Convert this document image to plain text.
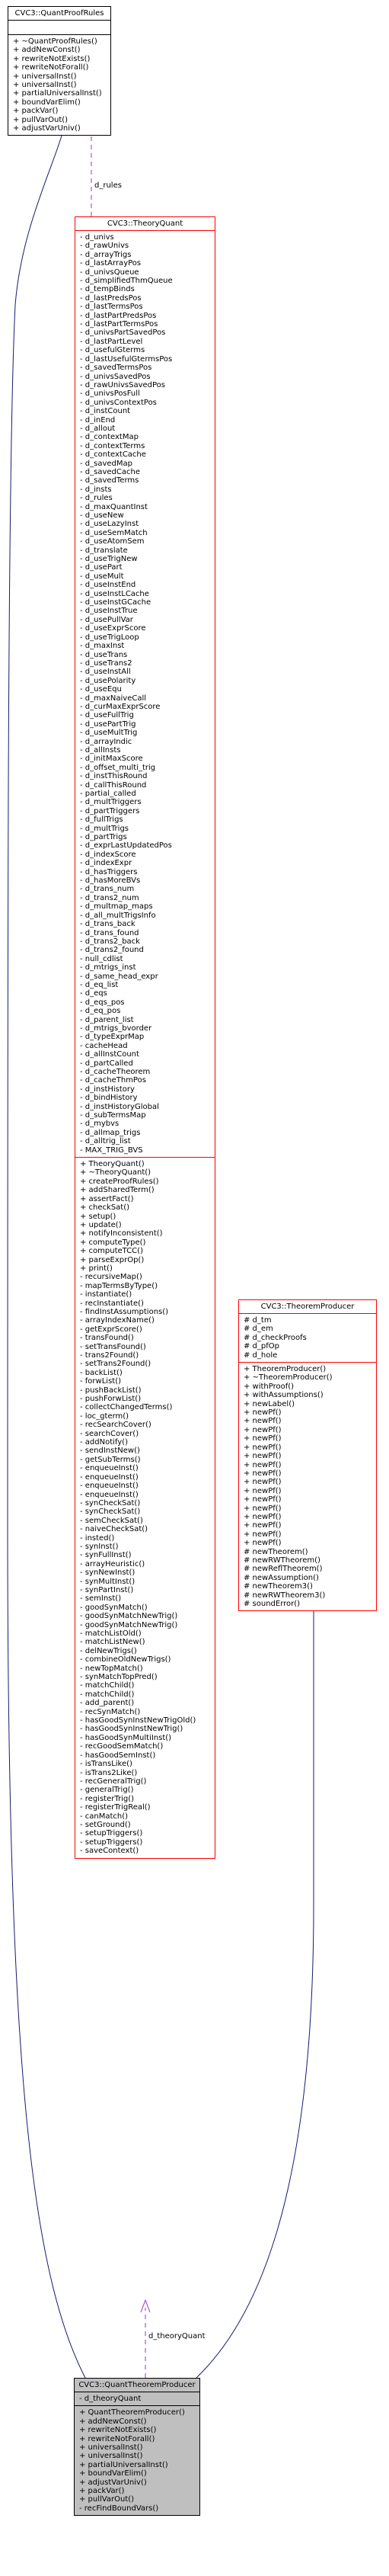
d_rules
d_theoryQuant
CVC3::QuantProofRules
+ ~QuantProofRules()
+ addNewConst()
+ rewriteNotExists()
+ rewriteNotForall()
+ universalInst()
+ universalInst()
+ partialUniversalInst()
+ boundVarElim()
+ packVar()
+ pullVarOut()
+ adjustVarUniv()
CVC3::TheoryQuant
- d_univs
- d_rawUnivs
- d_arrayTrigs
- d_lastArrayPos
- d_univsQueue
- d_simplifiedThmQueue
- d_tempBinds
- d_lastPredsPos
- d_lastTermsPos
- d_lastPartPredsPos
- d_lastPartTermsPos
- d_univsPartSavedPos
- d_lastPartLevel
- d_usefulGterms
- d_lastUsefulGtermsPos
- d_savedTermsPos
- d_univsSavedPos
- d_rawUnivsSavedPos
- d_univsPosFull
- d_univsContextPos
- d_instCount
- d_inEnd
- d_allout
- d_contextMap
- d_contextTerms
- d_contextCache
- d_savedMap
- d_savedCache
- d_savedTerms
- d_insts
- d_rules
- d_maxQuantInst
- d_useNew
- d_useLazyInst
- d_useSemMatch
- d_useAtomSem
- d_translate
- d_useTrigNew
- d_usePart
- d_useMult
- d_useInstEnd
- d_useInstLCache
- d_useInstGCache
- d_useInstTrue
- d_usePullVar
- d_useExprScore
- d_useTrigLoop
- d_maxInst
- d_useTrans
- d_useTrans2
- d_useInstAll
- d_usePolarity
- d_useEqu
- d_maxNaiveCall
- d_curMaxExprScore
- d_useFullTrig
- d_usePartTrig
- d_useMultTrig
- d_arrayIndic
- d_allInsts
- d_initMaxScore
- d_offset_multi_trig
- d_instThisRound
- d_callThisRound
- partial_called
- d_multTriggers
- d_partTriggers
- d_fullTrigs
- d_multTrigs
- d_partTrigs
- d_exprLastUpdatedPos
- d_indexScore
- d_indexExpr
- d_hasTriggers
- d_hasMoreBVs
- d_trans_num
- d_trans2_num
- d_multmap_maps
- d_all_multTrigsInfo
- d_trans_back
- d_trans_found
- d_trans2_back
- d_trans2_found
- null_cdlist
- d_mtrigs_inst
- d_same_head_expr
- d_eq_list
- d_eqs
- d_eqs_pos
- d_eq_pos
- d_parent_list
- d_mtrigs_bvorder
- d_typeExprMap
- cacheHead
- d_allInstCount
- d_partCalled
- d_cacheTheorem
- d_cacheThmPos
- d_instHistory
- d_bindHistory
- d_instHistoryGlobal
- d_subTermsMap
- d_mybvs
- d_allmap_trigs
- d_alltrig_list
- MAX_TRIG_BVS
+ TheoryQuant()
+ ~TheoryQuant()
+ createProofRules()
+ addSharedTerm()
+ assertFact()
+ checkSat()
+ setup()
+ update()
+ notifyInconsistent()
+ computeType()
+ computeTCC()
+ parseExprOp()
+ print()
- recursiveMap()
- mapTermsByType()
- instantiate()
- recInstantiate()
- findInstAssumptions()
- arrayIndexName()
- getExprScore()
- transFound()
- setTransFound()
- trans2Found()
- setTrans2Found()
- backList()
- forwList()
- pushBackList()
- pushForwList()
- collectChangedTerms()
- loc_gterm()
- recSearchCover()
- searchCover()
- addNotify()
- sendInstNew()
- getSubTerms()
- enqueueInst()
- enqueueInst()
- enqueueInst()
- enqueueInst()
- synCheckSat()
- synCheckSat()
- semCheckSat()
- naiveCheckSat()
- insted()
- synInst()
- synFullInst()
- arrayHeuristic()
- synNewInst()
- synMultInst()
- synPartInst()
- semInst()
- goodSynMatch()
- goodSynMatchNewTrig()
- goodSynMatchNewTrig()
- matchListOld()
- matchListNew()
- delNewTrigs()
- combineOldNewTrigs()
- newTopMatch()
- synMatchTopPred()
- matchChild()
- matchChild()
- add_parent()
- recSynMatch()
- hasGoodSynInstNewTrigOld()
- hasGoodSynInstNewTrig()
- hasGoodSynMultiInst()
- recGoodSemMatch()
- hasGoodSemInst()
- isTransLike()
- isTrans2Like()
- recGeneralTrig()
- generalTrig()
- registerTrig()
- registerTrigReal()
- canMatch()
- setGround()
- setupTriggers()
- setupTriggers()
- saveContext()
CVC3::TheoremProducer
# d_tm
# d_em
# d_checkProofs
# d_pfOp
# d_hole
+ TheoremProducer()
+ ~TheoremProducer()
+ withProof()
+ withAssumptions()
+ newLabel()
+ newPf()
+ newPf()
+ newPf()
+ newPf()
+ newPf()
+ newPf()
+ newPf()
+ newPf()
+ newPf()
+ newPf()
+ newPf()
+ newPf()
+ newPf()
+ newPf()
+ newPf()
+ newPf()
# newTheorem()
# newRWTheorem()
# newReflTheorem()
# newAssumption()
# newTheorem3()
# newRWTheorem3()
# soundError()
CVC3::QuantTheoremProducer
- d_theoryQuant
+ QuantTheoremProducer()
+ addNewConst()
+ rewriteNotExists()
+ rewriteNotForall()
+ universalInst()
+ universalInst()
+ partialUniversalInst()
+ boundVarElim()
+ adjustVarUniv()
+ packVar()
+ pullVarOut()
- recFindBoundVars()
